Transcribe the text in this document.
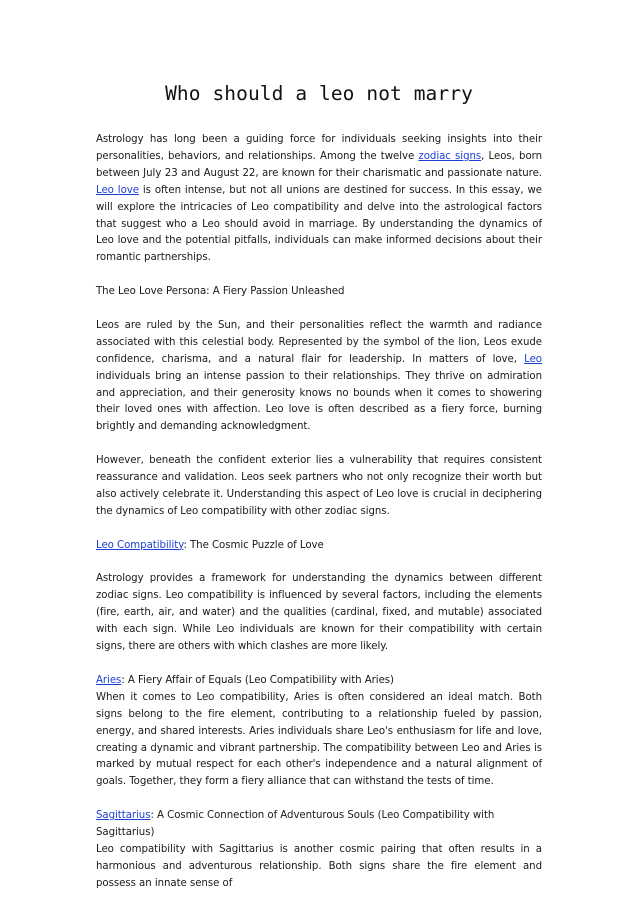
Who should a leo not marry

Astrology has long been a guiding force for individuals seeking insights into their personalities, behaviors, and relationships. Among the twelve zodiac signs, Leos, born between July 23 and August 22, are known for their charismatic and passionate nature. Leo love is often intense, but not all unions are destined for success. In this essay, we will explore the intricacies of Leo compatibility and delve into the astrological factors that suggest who a Leo should avoid in marriage. By understanding the dynamics of Leo love and the potential pitfalls, individuals can make informed decisions about their romantic partnerships.

The Leo Love Persona: A Fiery Passion Unleashed

Leos are ruled by the Sun, and their personalities reflect the warmth and radiance associated with this celestial body. Represented by the symbol of the lion, Leos exude confidence, charisma, and a natural flair for leadership. In matters of love, Leo individuals bring an intense passion to their relationships. They thrive on admiration and appreciation, and their generosity knows no bounds when it comes to showering their loved ones with affection. Leo love is often described as a fiery force, burning brightly and demanding acknowledgment.

However, beneath the confident exterior lies a vulnerability that requires consistent reassurance and validation. Leos seek partners who not only recognize their worth but also actively celebrate it. Understanding this aspect of Leo love is crucial in deciphering the dynamics of Leo compatibility with other zodiac signs.

Leo Compatibility: The Cosmic Puzzle of Love

Astrology provides a framework for understanding the dynamics between different zodiac signs. Leo compatibility is influenced by several factors, including the elements (fire, earth, air, and water) and the qualities (cardinal, fixed, and mutable) associated with each sign. While Leo individuals are known for their compatibility with certain signs, there are others with which clashes are more likely.

Aries: A Fiery Affair of Equals (Leo Compatibility with Aries)

When it comes to Leo compatibility, Aries is often considered an ideal match. Both signs belong to the fire element, contributing to a relationship fueled by passion, energy, and shared interests. Aries individuals share Leo's enthusiasm for life and love, creating a dynamic and vibrant partnership. The compatibility between Leo and Aries is marked by mutual respect for each other's independence and a natural alignment of goals. Together, they form a fiery alliance that can withstand the tests of time.

Sagittarius: A Cosmic Connection of Adventurous Souls (Leo Compatibility with Sagittarius)

Leo compatibility with Sagittarius is another cosmic pairing that often results in a harmonious and adventurous relationship. Both signs share the fire element and possess an innate sense of
